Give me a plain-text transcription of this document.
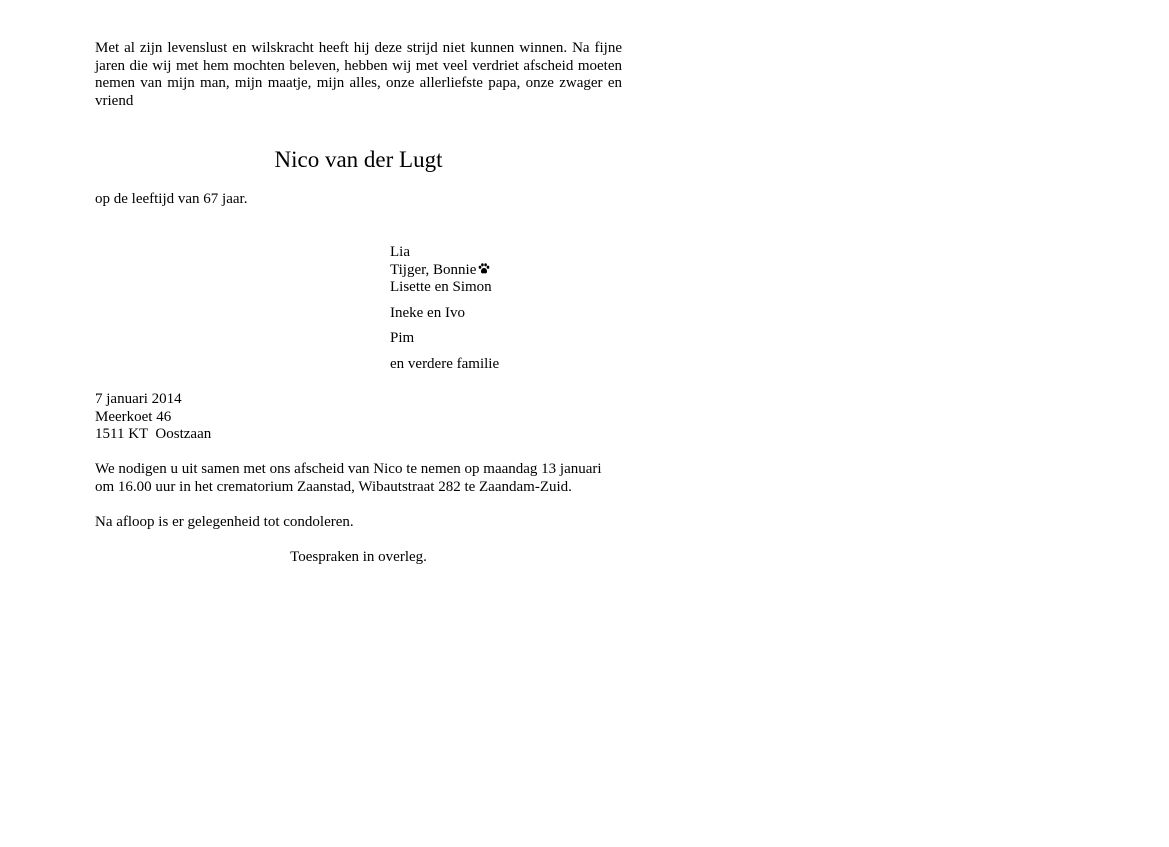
Met al zijn levenslust en wilskracht heeft hij deze strijd niet kunnen winnen. Na fijne
jaren die wij met hem mochten beleven, hebben wij met veel verdriet afscheid moeten
nemen van mijn man, mijn maatje, mijn alles, onze allerliefste papa, onze zwager en
vriend
Nico van der Lugt
op de leeftijd van 67 jaar.
Lia
Tijger, Bonnie
Lisette en Simon
Ineke en Ivo
Pim
en verdere familie
7 januari 2014
Meerkoet 46
1511 KT  Oostzaan
We nodigen u uit samen met ons afscheid van Nico te nemen op maandag 13 januari
om 16.00 uur in het crematorium Zaanstad, Wibautstraat 282 te Zaandam-Zuid.
Na afloop is er gelegenheid tot condoleren.
Toespraken in overleg.
